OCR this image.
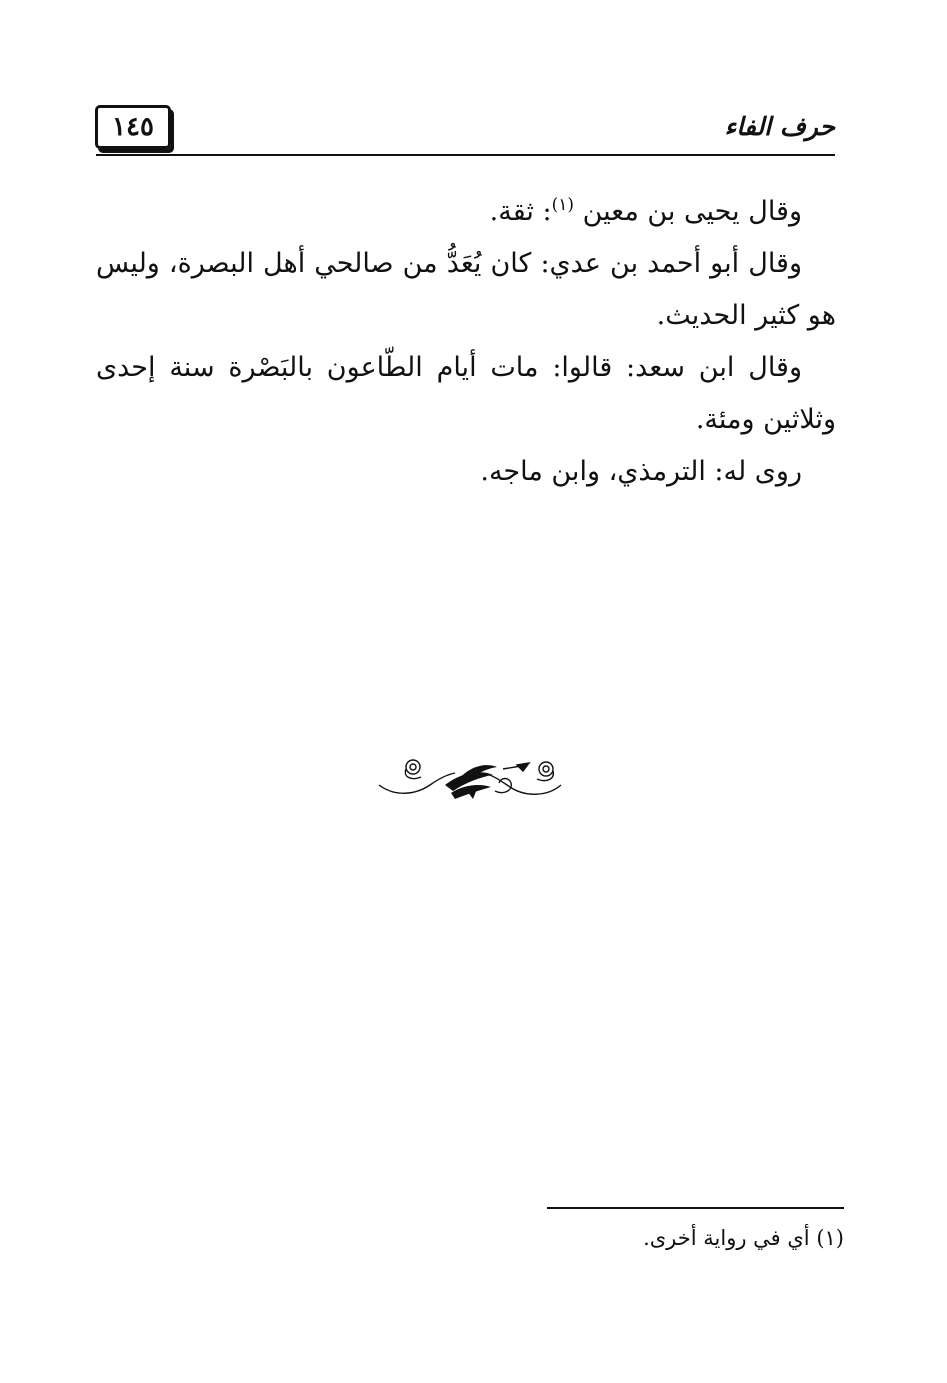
١٤٥	حرف الفاء

وقال يحيى بن معين $^{(١)}$: ثقة.

وقال أبو أحمد بن عدي: كان يُعَدُّ من صالحي أهل البصرة، وليس هو كثير الحديث.

وقال ابن سعد: قالوا: مات أيام الطّاعون بالبَصْرة سنة إحدى وثلاثين ومئة.

روى له: الترمذي، وابن ماجه.

(١) أي في رواية أخرى.
